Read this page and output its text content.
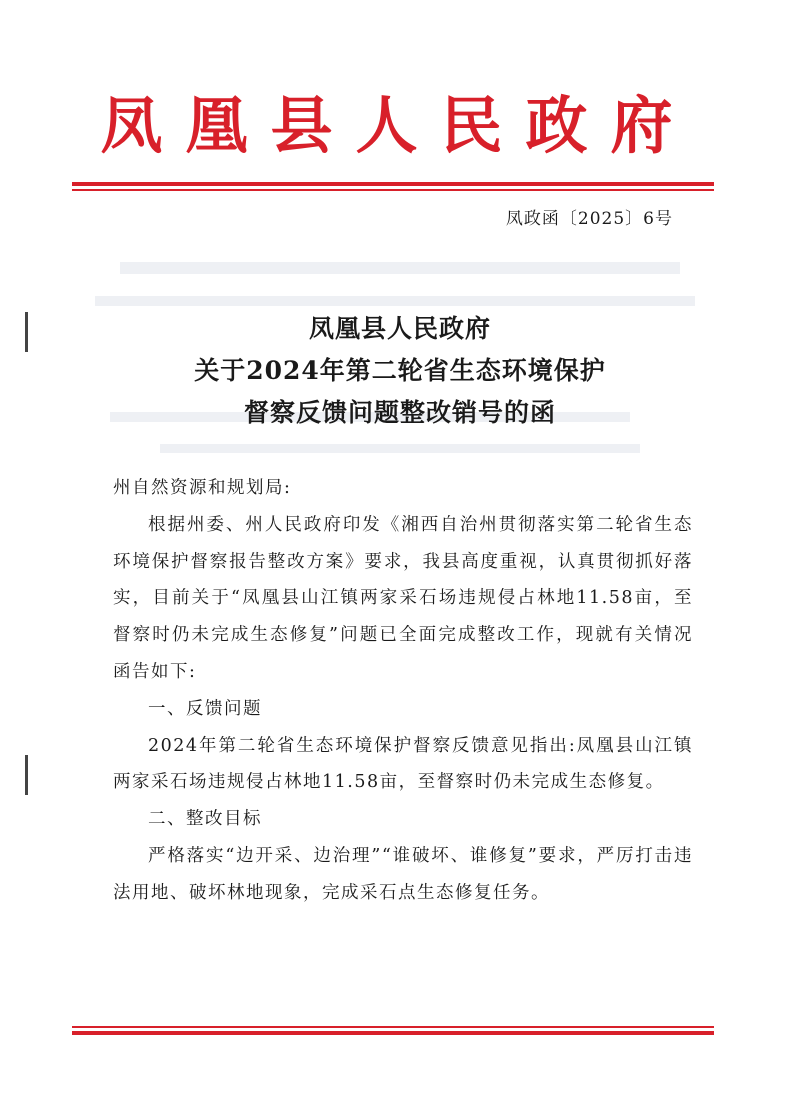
凤凰县人民政府
凤政函〔2025〕6号
凤凰县人民政府
关于2024年第二轮省生态环境保护
督察反馈问题整改销号的函

州自然资源和规划局:

根据州委、州人民政府印发《湘西自治州贯彻落实第二轮省生态环境保护督察报告整改方案》要求，我县高度重视，认真贯彻抓好落实，目前关于“凤凰县山江镇两家采石场违规侵占林地11.58亩，至督察时仍未完成生态修复”问题已全面完成整改工作，现就有关情况函告如下:

一、反馈问题

2024年第二轮省生态环境保护督察反馈意见指出:凤凰县山江镇两家采石场违规侵占林地11.58亩，至督察时仍未完成生态修复。

二、整改目标

严格落实“边开采、边治理”“谁破坏、谁修复”要求，严厉打击违法用地、破坏林地现象，完成采石点生态修复任务。
